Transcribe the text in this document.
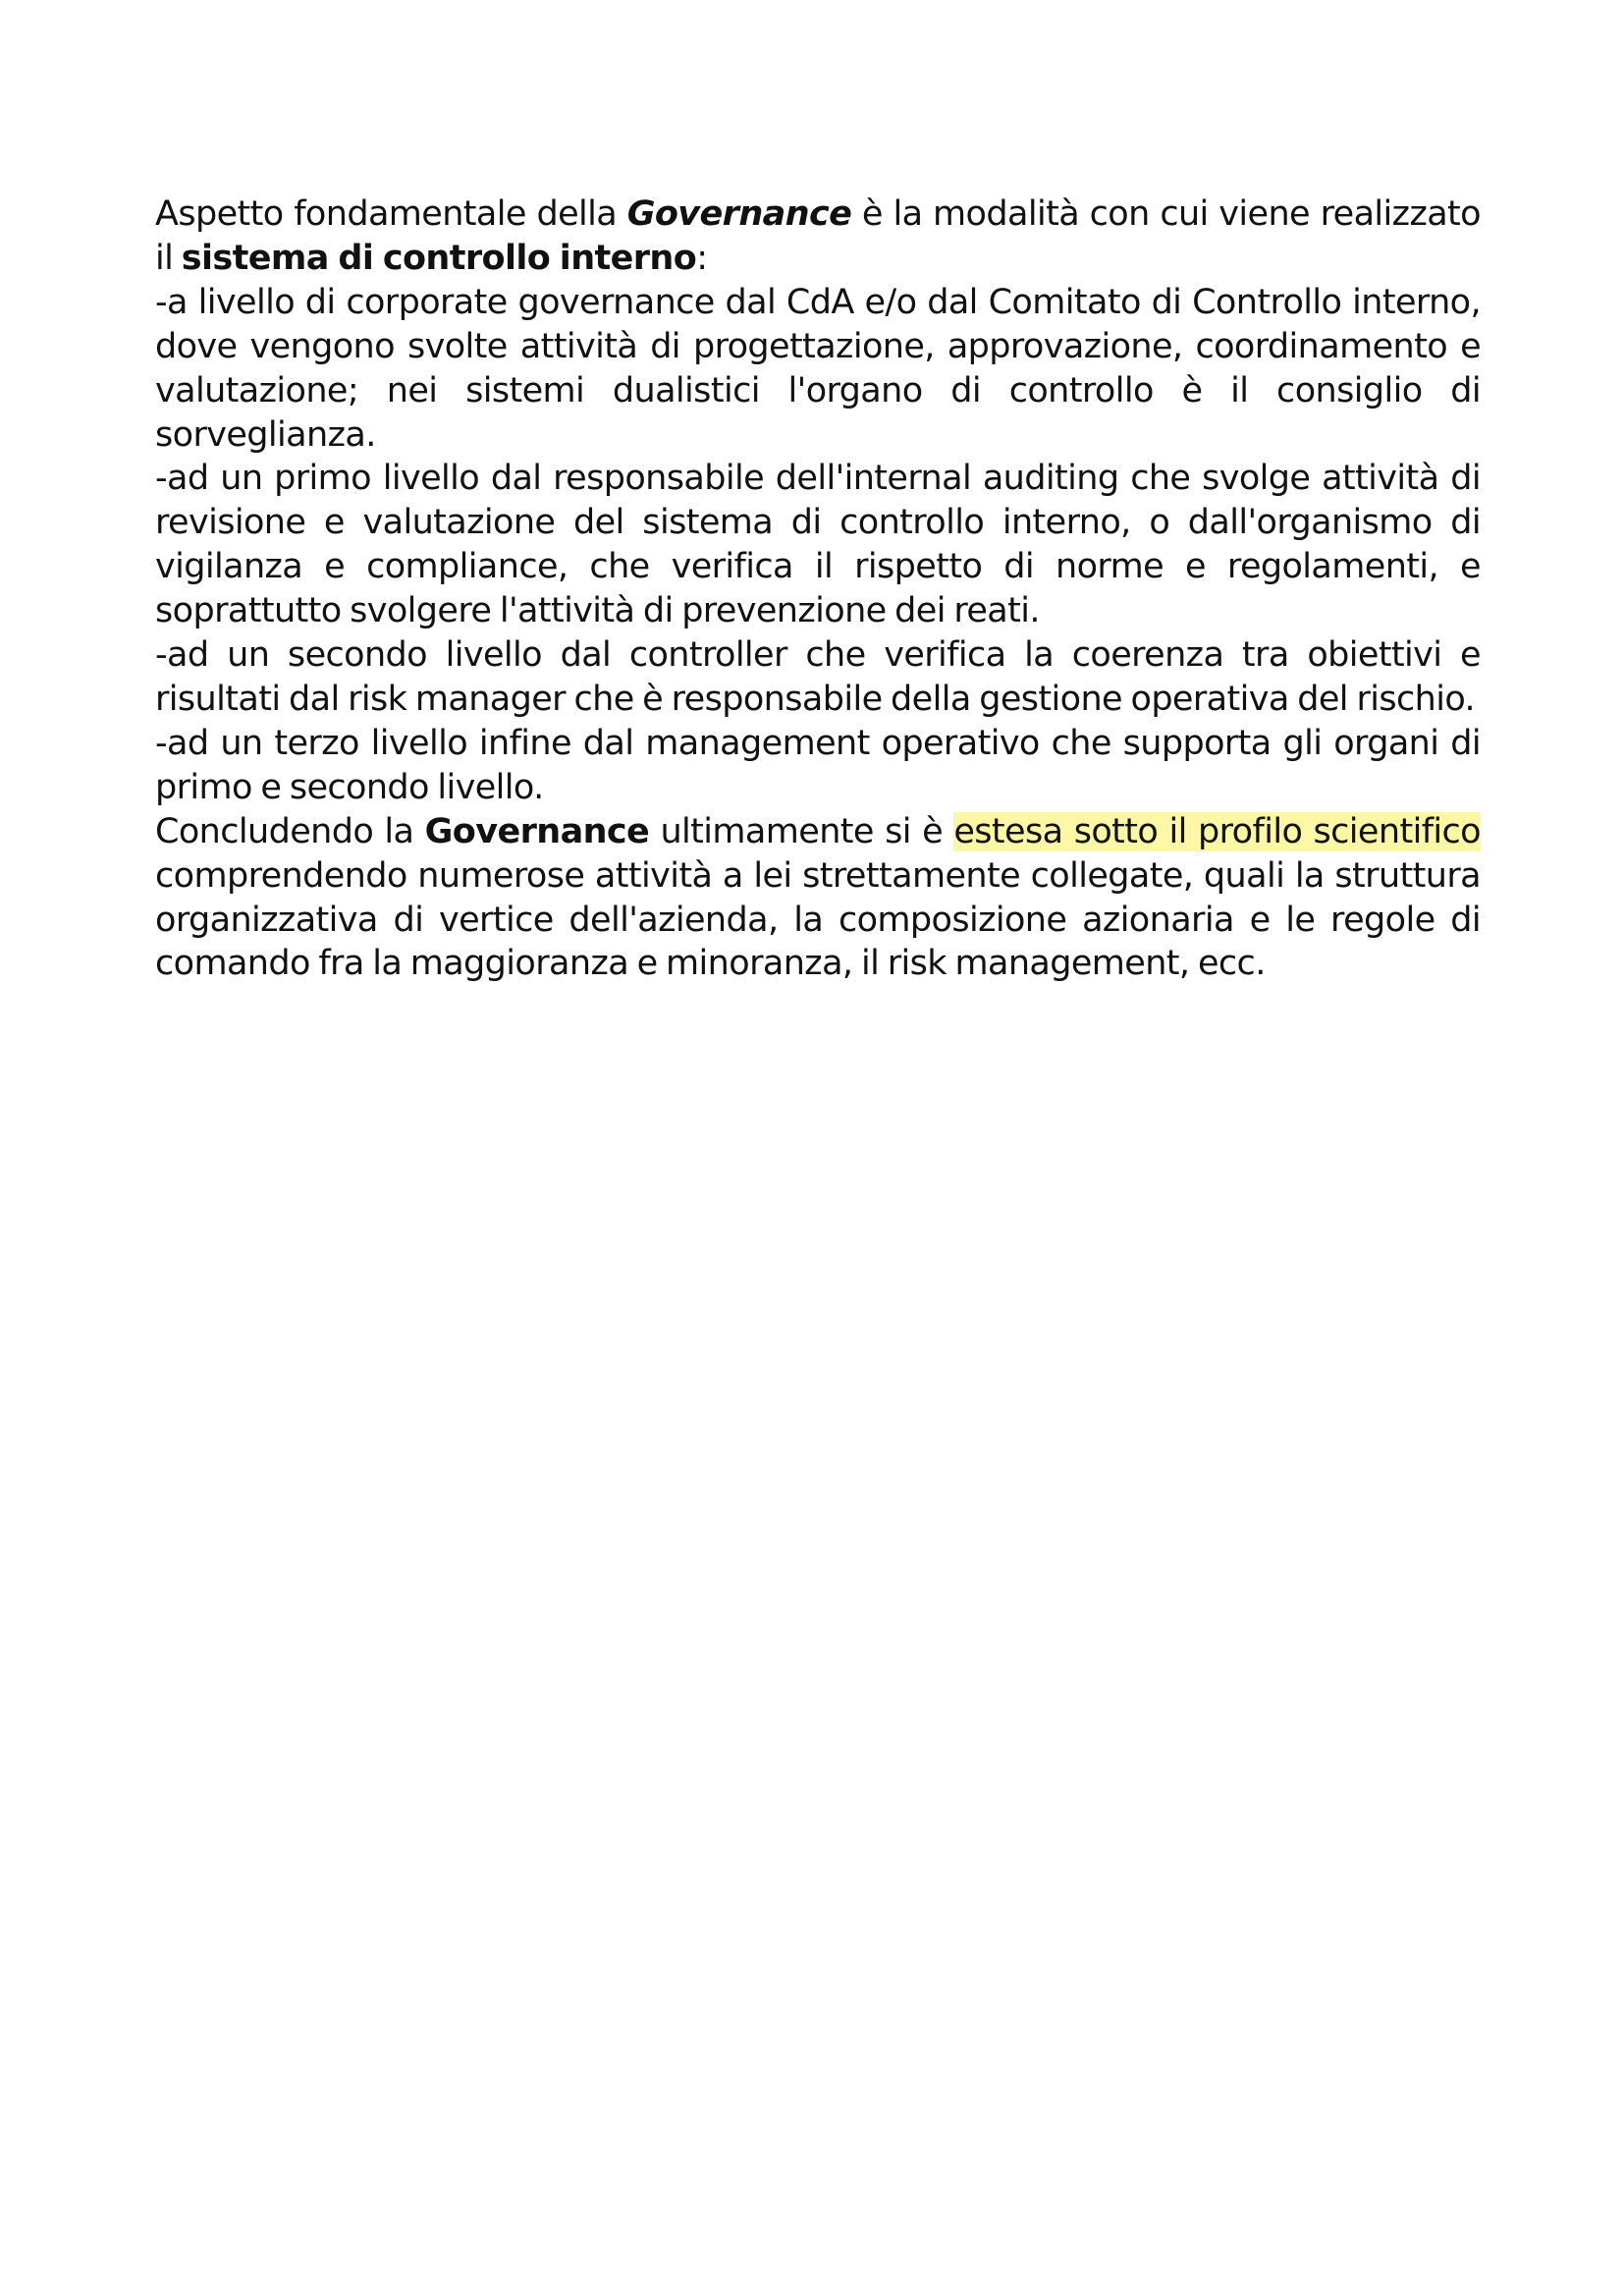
Aspetto fondamentale della Governance è la modalità con cui viene realizzato il sistema di controllo interno:

-a livello di corporate governance dal CdA e/o dal Comitato di Controllo interno, dove vengono svolte attività di progettazione, approvazione, coordinamento e valutazione; nei sistemi dualistici l'organo di controllo è il consiglio di sorveglianza.

-ad un primo livello dal responsabile dell'internal auditing che svolge attività di revisione e valutazione del sistema di controllo interno, o dall'organismo di vigilanza e compliance, che verifica il rispetto di norme e regolamenti, e soprattutto svolgere l'attività di prevenzione dei reati.

-ad un secondo livello dal controller che verifica la coerenza tra obiettivi e risultati dal risk manager che è responsabile della gestione operativa del rischio.

-ad un terzo livello infine dal management operativo che supporta gli organi di primo e secondo livello.

Concludendo la Governance ultimamente si è estesa sotto il profilo scientifico comprendendo numerose attività a lei strettamente collegate, quali la struttura organizzativa di vertice dell'azienda, la composizione azionaria e le regole di comando fra la maggioranza e minoranza, il risk management, ecc.
